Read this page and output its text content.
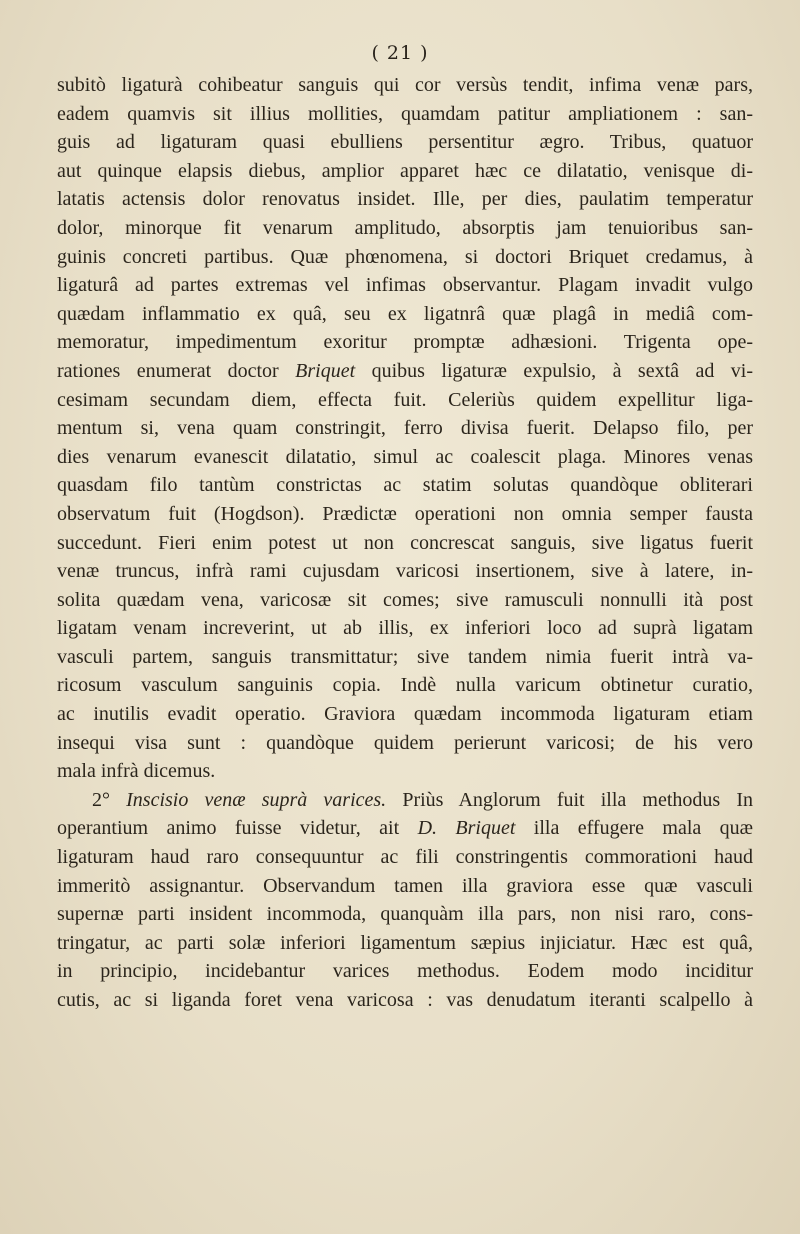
( 21 )
subitò ligaturà cohibeatur sanguis qui cor versùs tendit, infima venæ pars,
eadem quamvis sit illius mollities, quamdam patitur ampliationem : san-
guis ad ligaturam quasi ebulliens persentitur ægro. Tribus, quatuor
aut quinque elapsis diebus, amplior apparet hæc ce dilatatio, venisque di-
latatis actensis dolor renovatus insidet. Ille, per dies, paulatim temperatur
dolor, minorque fit venarum amplitudo, absorptis jam tenuioribus san-
guinis concreti partibus. Quæ phœnomena, si doctori Briquet credamus, à
ligaturâ ad partes extremas vel infimas observantur. Plagam invadit vulgo
quædam inflammatio ex quâ, seu ex ligatnrâ quæ plagâ in mediâ com-
memoratur, impedimentum exoritur promptæ adhæsioni. Trigenta ope-
rationes enumerat doctor Briquet quibus ligaturæ expulsio, à sextâ ad vi-
cesimam secundam diem, effecta fuit. Celeriùs quidem expellitur liga-
mentum si, vena quam constringit, ferro divisa fuerit. Delapso filo, per
dies venarum evanescit dilatatio, simul ac coalescit plaga. Minores venas
quasdam filo tantùm constrictas ac statim solutas quandòque obliterari
observatum fuit (Hogdson). Prædictæ operationi non omnia semper fausta
succedunt. Fieri enim potest ut non concrescat sanguis, sive ligatus fuerit
venæ truncus, infrà rami cujusdam varicosi insertionem, sive à latere, in-
solita quædam vena, varicosæ sit comes; sive ramusculi nonnulli ità post
ligatam venam increverint, ut ab illis, ex inferiori loco ad suprà ligatam
vasculi partem, sanguis transmittatur; sive tandem nimia fuerit intrà va-
ricosum vasculum sanguinis copia. Indè nulla varicum obtinetur curatio,
ac inutilis evadit operatio. Graviora quædam incommoda ligaturam etiam
insequi visa sunt : quandòque quidem perierunt varicosi; de his vero
mala infrà dicemus.
2° Inscisio venæ suprà varices. Priùs Anglorum fuit illa methodus In
operantium animo fuisse videtur, ait D. Briquet illa effugere mala quæ
ligaturam haud raro consequuntur ac fili constringentis commorationi haud
immeritò assignantur. Observandum tamen illa graviora esse quæ vasculi
supernæ parti insident incommoda, quanquàm illa pars, non nisi raro, cons-
tringatur, ac parti solæ inferiori ligamentum sæpius injiciatur. Hæc est quâ,
in principio, incidebantur varices methodus. Eodem modo inciditur
cutis, ac si liganda foret vena varicosa : vas denudatum iteranti scalpello à
